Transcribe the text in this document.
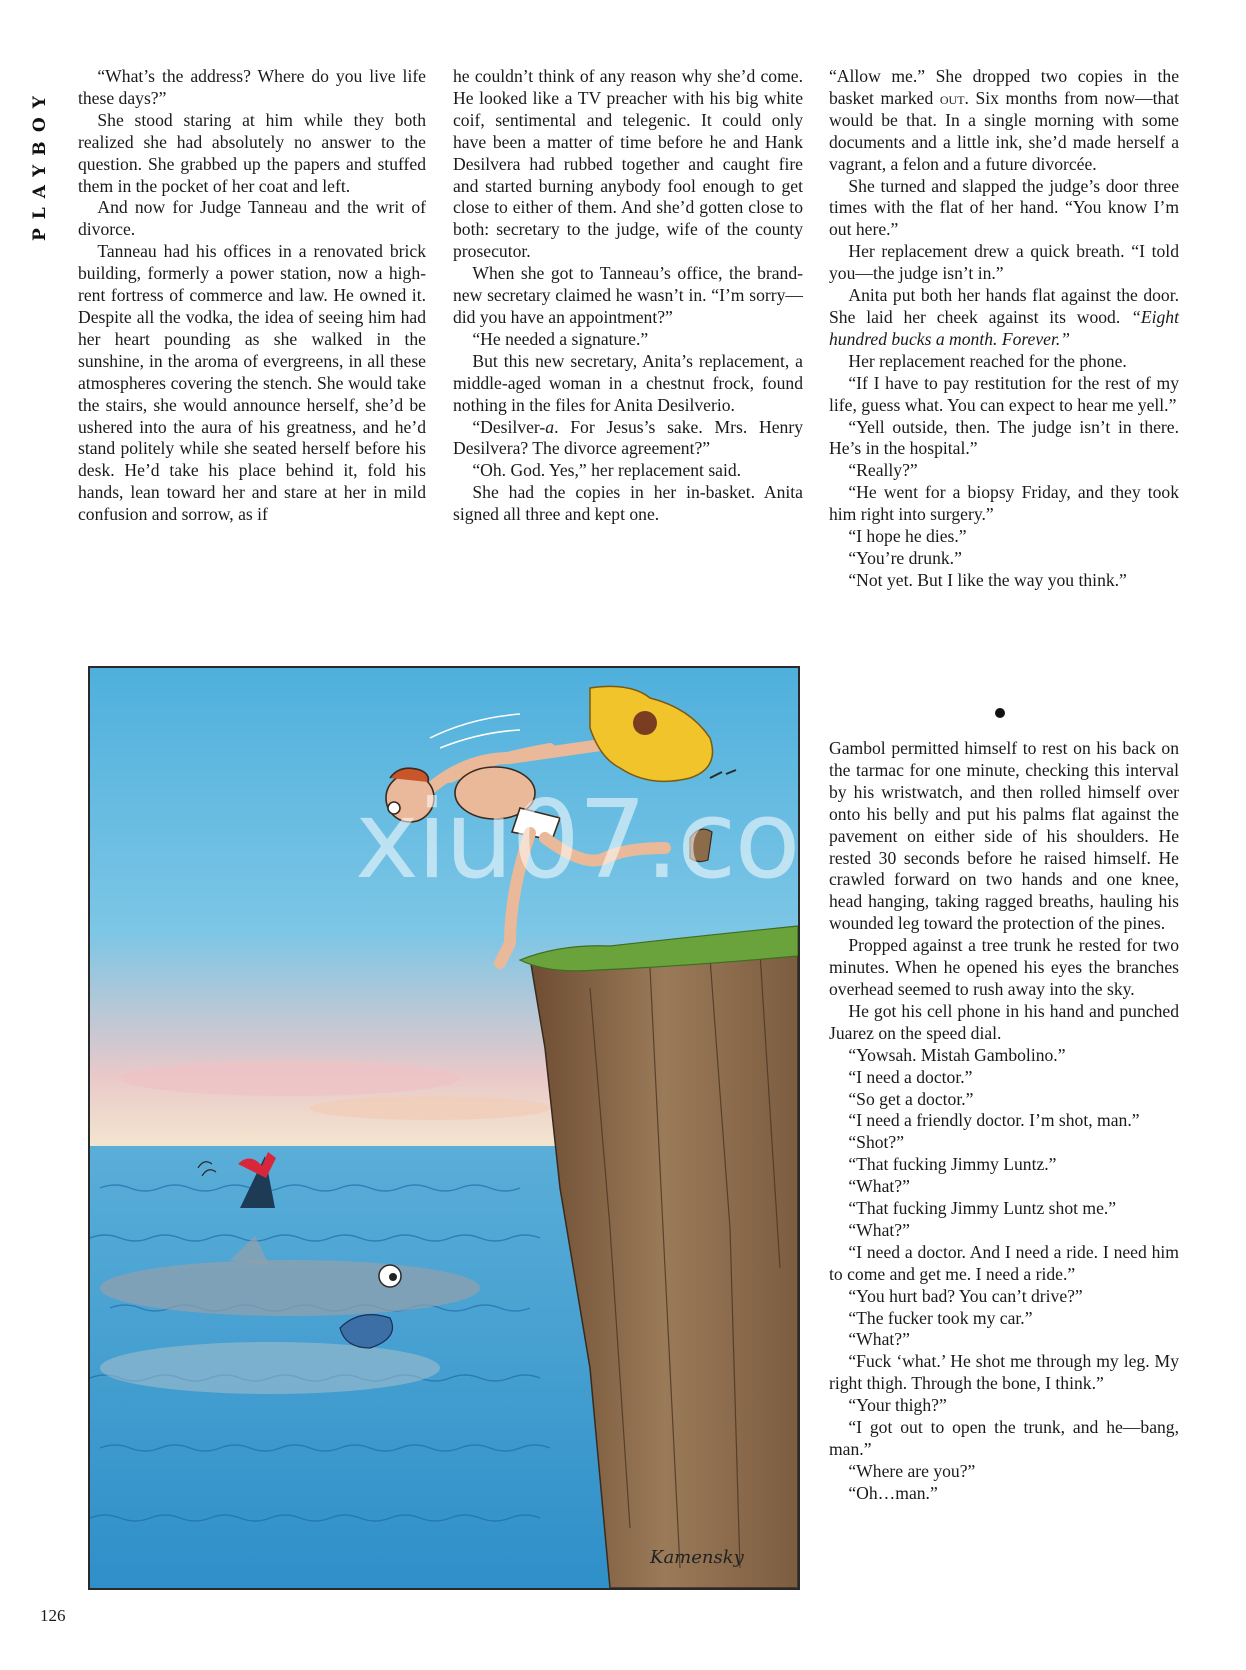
PLAYBOY

“What’s the address? Where do you live life these days?”

She stood staring at him while they both realized she had absolutely no answer to the question. She grabbed up the papers and stuffed them in the pocket of her coat and left.

And now for Judge Tanneau and the writ of divorce.

Tanneau had his offices in a renovated brick building, formerly a power station, now a high-rent fortress of commerce and law. He owned it. Despite all the vodka, the idea of seeing him had her heart pounding as she walked in the sunshine, in the aroma of evergreens, in all these atmospheres covering the stench. She would take the stairs, she would announce herself, she’d be ushered into the aura of his greatness, and he’d stand politely while she seated herself before his desk. He’d take his place behind it, fold his hands, lean toward her and stare at her in mild confusion and sorrow, as if

he couldn’t think of any reason why she’d come. He looked like a TV preacher with his big white coif, sentimental and telegenic. It could only have been a matter of time before he and Hank Desilvera had rubbed together and caught fire and started burning anybody fool enough to get close to either of them. And she’d gotten close to both: secretary to the judge, wife of the county prosecutor.

When she got to Tanneau’s office, the brand-new secretary claimed he wasn’t in. “I’m sorry—did you have an appointment?”

“He needed a signature.”

But this new secretary, Anita’s replacement, a middle-aged woman in a chestnut frock, found nothing in the files for Anita Desilverio.

“Desilver-a. For Jesus’s sake. Mrs. Henry Desilvera? The divorce agreement?”

“Oh. God. Yes,” her replacement said.

She had the copies in her in-basket. Anita signed all three and kept one.

“Allow me.” She dropped two copies in the basket marked out. Six months from now—that would be that. In a single morning with some documents and a little ink, she’d made herself a vagrant, a felon and a future divorcée.

She turned and slapped the judge’s door three times with the flat of her hand. “You know I’m out here.”

Her replacement drew a quick breath. “I told you—the judge isn’t in.”

Anita put both her hands flat against the door. She laid her cheek against its wood. “Eight hundred bucks a month. Forever.”

Her replacement reached for the phone.

“If I have to pay restitution for the rest of my life, guess what. You can expect to hear me yell.”

“Yell outside, then. The judge isn’t in there. He’s in the hospital.”

“Really?”

“He went for a biopsy Friday, and they took him right into surgery.”

“I hope he dies.”

“You’re drunk.”

“Not yet. But I like the way you think.”

Gambol permitted himself to rest on his back on the tarmac for one minute, checking this interval by his wristwatch, and then rolled himself over onto his belly and put his palms flat against the pavement on either side of his shoulders. He rested 30 seconds before he raised himself. He crawled forward on two hands and one knee, head hanging, taking ragged breaths, hauling his wounded leg toward the protection of the pines.

Propped against a tree trunk he rested for two minutes. When he opened his eyes the branches overhead seemed to rush away into the sky.

He got his cell phone in his hand and punched Juarez on the speed dial.

“Yowsah. Mistah Gambolino.”

“I need a doctor.”

“So get a doctor.”

“I need a friendly doctor. I’m shot, man.”

“Shot?”

“That fucking Jimmy Luntz.”

“What?”

“That fucking Jimmy Luntz shot me.”

“What?”

“I need a doctor. And I need a ride. I need him to come and get me. I need a ride.”

“You hurt bad? You can’t drive?”

“The fucker took my car.”

“What?”

“Fuck ‘what.’ He shot me through my leg. My right thigh. Through the bone, I think.”

“Your thigh?”

“I got out to open the trunk, and he—bang, man.”

“Where are you?”

“Oh…man.”

Kamensky
xiu07.co
126
